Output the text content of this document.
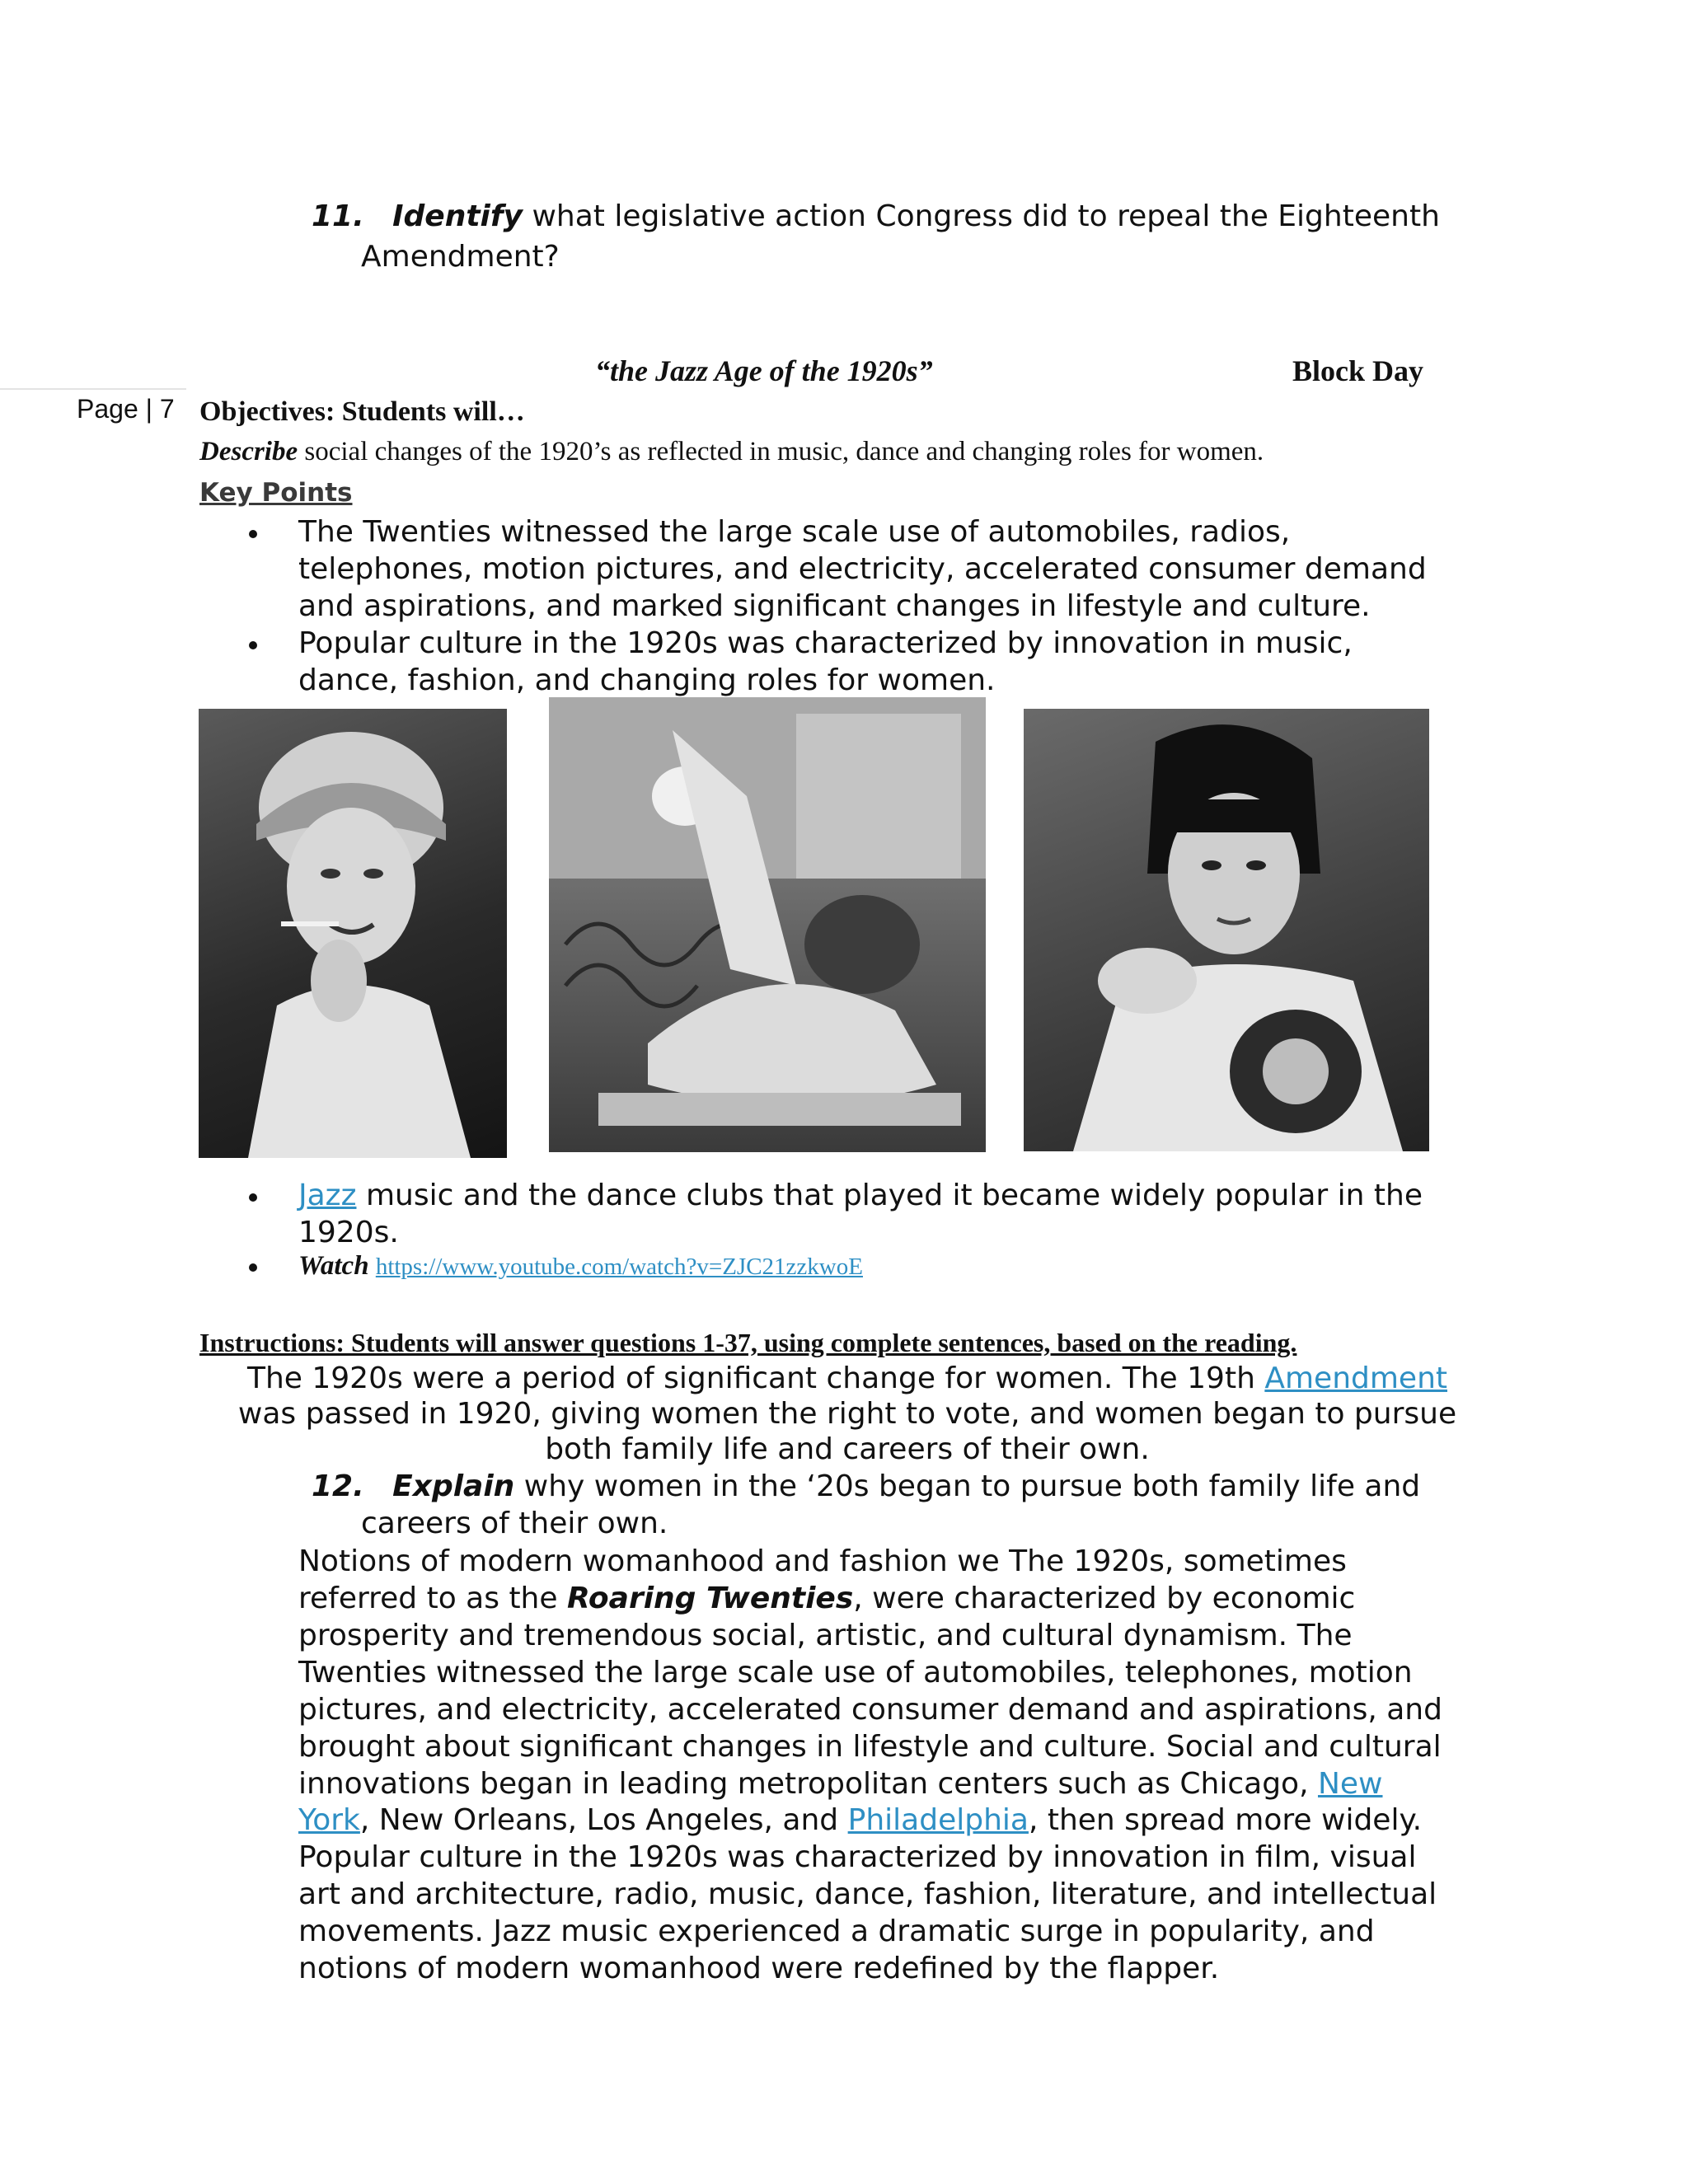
11. Identify what legislative action Congress did to repeal the Eighteenth
Amendment?
Page | 7
“the Jazz Age of the 1920s”	Block Day
Objectives: Students will…
Describe social changes of the 1920’s as reflected in music, dance and changing roles for women.
Key Points
The Twenties witnessed the large scale use of automobiles, radios,
telephones, motion pictures, and electricity, accelerated consumer demand
and aspirations, and marked significant changes in lifestyle and culture.
Popular culture in the 1920s was characterized by innovation in music,
dance, fashion, and changing roles for women.
Jazz music and the dance clubs that played it became widely popular in the
1920s.
Watch https://www.youtube.com/watch?v=ZJC21zzkwoE
Instructions: Students will answer questions 1-37, using complete sentences, based on the reading.
The 1920s were a period of significant change for women. The 19th Amendment
was passed in 1920, giving women the right to vote, and women began to pursue
both family life and careers of their own.
12. Explain why women in the ‘20s began to pursue both family life and
careers of their own.
Notions of modern womanhood and fashion we The 1920s, sometimes
referred to as the Roaring Twenties, were characterized by economic
prosperity and tremendous social, artistic, and cultural dynamism. The
Twenties witnessed the large scale use of automobiles, telephones, motion
pictures, and electricity, accelerated consumer demand and aspirations, and
brought about significant changes in lifestyle and culture. Social and cultural
innovations began in leading metropolitan centers such as Chicago, New
York, New Orleans, Los Angeles, and Philadelphia, then spread more widely.
Popular culture in the 1920s was characterized by innovation in film, visual
art and architecture, radio, music, dance, fashion, literature, and intellectual
movements. Jazz music experienced a dramatic surge in popularity, and
notions of modern womanhood were redefined by the flapper.
